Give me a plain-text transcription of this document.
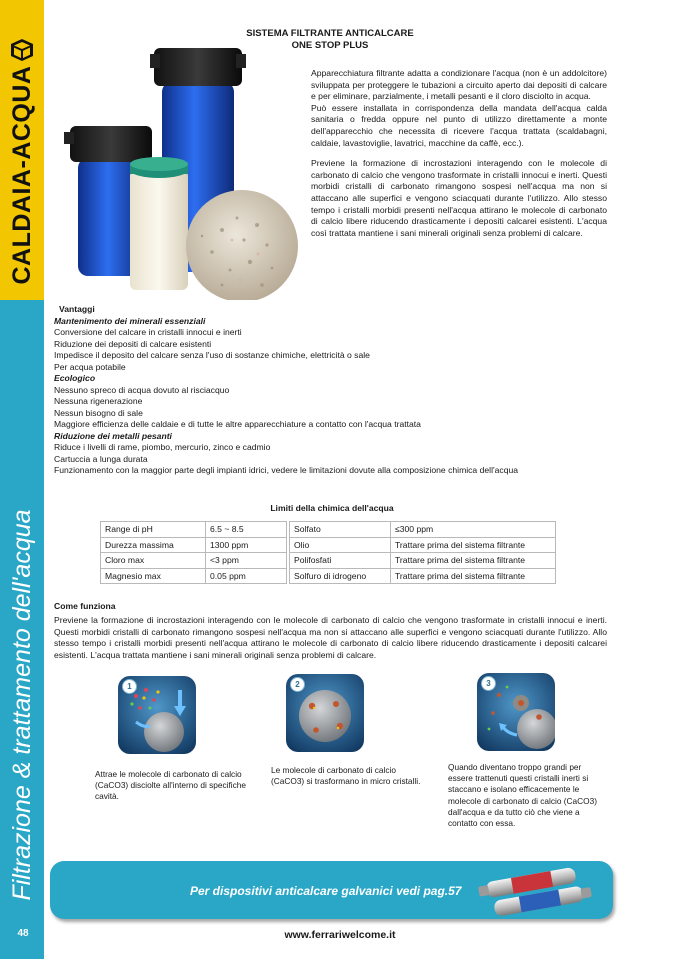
CALDAIA-ACQUA
Filtrazione & trattamento dell'acqua
48
SISTEMA FILTRANTE ANTICALCARE
ONE STOP PLUS

Apparecchiatura filtrante adatta a condizionare l'acqua (non è un addolcitore) sviluppata per proteggere le tubazioni a circuito aperto dai depositi di calcare e per eliminare, parzialmente, i metalli pesanti e il cloro disciolto in acqua.

Può essere installata in corrispondenza della mandata dell'acqua calda sanitaria o fredda oppure nel punto di utilizzo direttamente a monte dell'apparecchio che necessita di ricevere l'acqua trattata (scaldabagni, caldaie, lavastoviglie, lavatrici, macchine da caffè, ecc.).

Previene la formazione di incrostazioni interagendo con le molecole di carbonato di calcio che vengono trasformate in cristalli innocui e inerti. Questi morbidi cristalli di carbonato rimangono sospesi nell'acqua ma non si attaccano alle superfici e vengono sciacquati durante l'utilizzo. Allo stesso tempo i cristalli morbidi presenti nell'acqua attirano le molecole di carbonato di calcio libere riducendo drasticamente i depositi calcarei esistenti. L'acqua così trattata mantiene i sani minerali originali senza problemi di calcare.

Vantaggi
Mantenimento dei minerali essenziali
Conversione del calcare in cristalli innocui e inerti
Riduzione dei depositi di calcare esistenti
Impedisce il deposito del calcare senza l'uso di sostanze chimiche, elettricità o sale
Per acqua potabile
Ecologico
Nessuno spreco di acqua dovuto al risciacquo
Nessuna rigenerazione
Nessun bisogno di sale
Maggiore efficienza delle caldaie e di tutte le altre apparecchiature a contatto con l'acqua trattata
Riduzione dei metalli pesanti
Riduce i livelli di rame, piombo, mercurio, zinco e cadmio
Cartuccia a lunga durata
Funzionamento con la maggior parte degli impianti idrici, vedere le limitazioni dovute alla composizione chimica dell'acqua
Limiti della chimica dell'acqua
Range di pH	6.5 ~ 8.5		Solfato	≤300 ppm
Durezza massima	1300 ppm		Olio	Trattare prima del sistema filtrante
Cloro max	<3 ppm		Polifosfati	Trattare prima del sistema filtrante
Magnesio max	0.05 ppm		Solfuro di idrogeno	Trattare prima del sistema filtrante
Come funziona
Previene la formazione di incrostazioni interagendo con le molecole di carbonato di calcio che vengono trasformate in cristalli innocui e inerti. Questi morbidi cristalli di carbonato rimangono sospesi nell'acqua ma non si attaccano alle superfici e vengono sciacquati durante l'utilizzo. Allo stesso tempo i cristalli morbidi presenti nell'acqua attirano le molecole di carbonato di calcio libere riducendo drasticamente i depositi calcarei esistenti. L'acqua trattata mantiene i sani minerali originali senza problemi di calcare.
1	2	3
Attrae le molecole di carbonato di calcio (CaCO3) disciolte all'interno di specifiche cavità.
Le molecole di carbonato di calcio (CaCO3) si trasformano in micro cristalli.
Quando diventano troppo grandi per essere trattenuti questi cristalli inerti si staccano e isolano efficacemente le molecole di carbonato di calcio (CaCO3) dall'acqua e da tutto ciò che viene a contatto con essa.
Per dispositivi anticalcare galvanici vedi pag.57
www.ferrariwelcome.it
